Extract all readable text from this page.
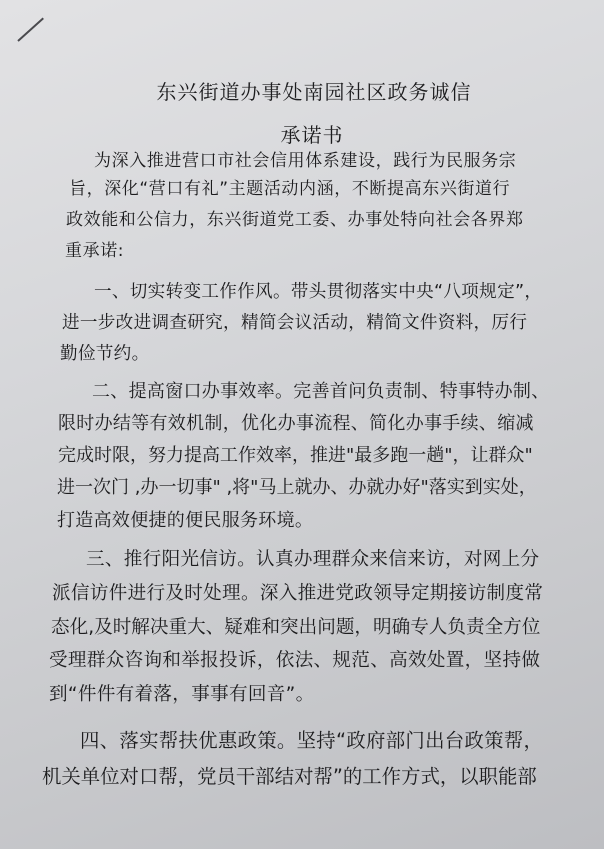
东兴街道办事处南园社区政务诚信
承诺书
为深入推进营口市社会信用体系建设，践行为民服务宗
旨，深化“营口有礼”主题活动内涵，不断提高东兴街道行
政效能和公信力，东兴街道党工委、办事处特向社会各界郑
重承诺:
一、切实转变工作作风。带头贯彻落实中央“八项规定”，
进一步改进调查研究，精简会议活动，精简文件资料，厉行
勤俭节约。
二、提高窗口办事效率。完善首问负责制、特事特办制、
限时办结等有效机制，优化办事流程、简化办事手续、缩减
完成时限，努力提高工作效率，推进"最多跑一趟"，让群众"
进一次门 ,办一切事" ,将"马上就办、办就办好"落实到实处，
打造高效便捷的便民服务环境。
三、推行阳光信访。认真办理群众来信来访，对网上分
派信访件进行及时处理。深入推进党政领导定期接访制度常
态化,及时解决重大、疑难和突出问题，明确专人负责全方位
受理群众咨询和举报投诉，依法、规范、高效处置，坚持做
到“件件有着落，事事有回音”。
四、落实帮扶优惠政策。坚持“政府部门出台政策帮，
机关单位对口帮，党员干部结对帮”的工作方式，以职能部
